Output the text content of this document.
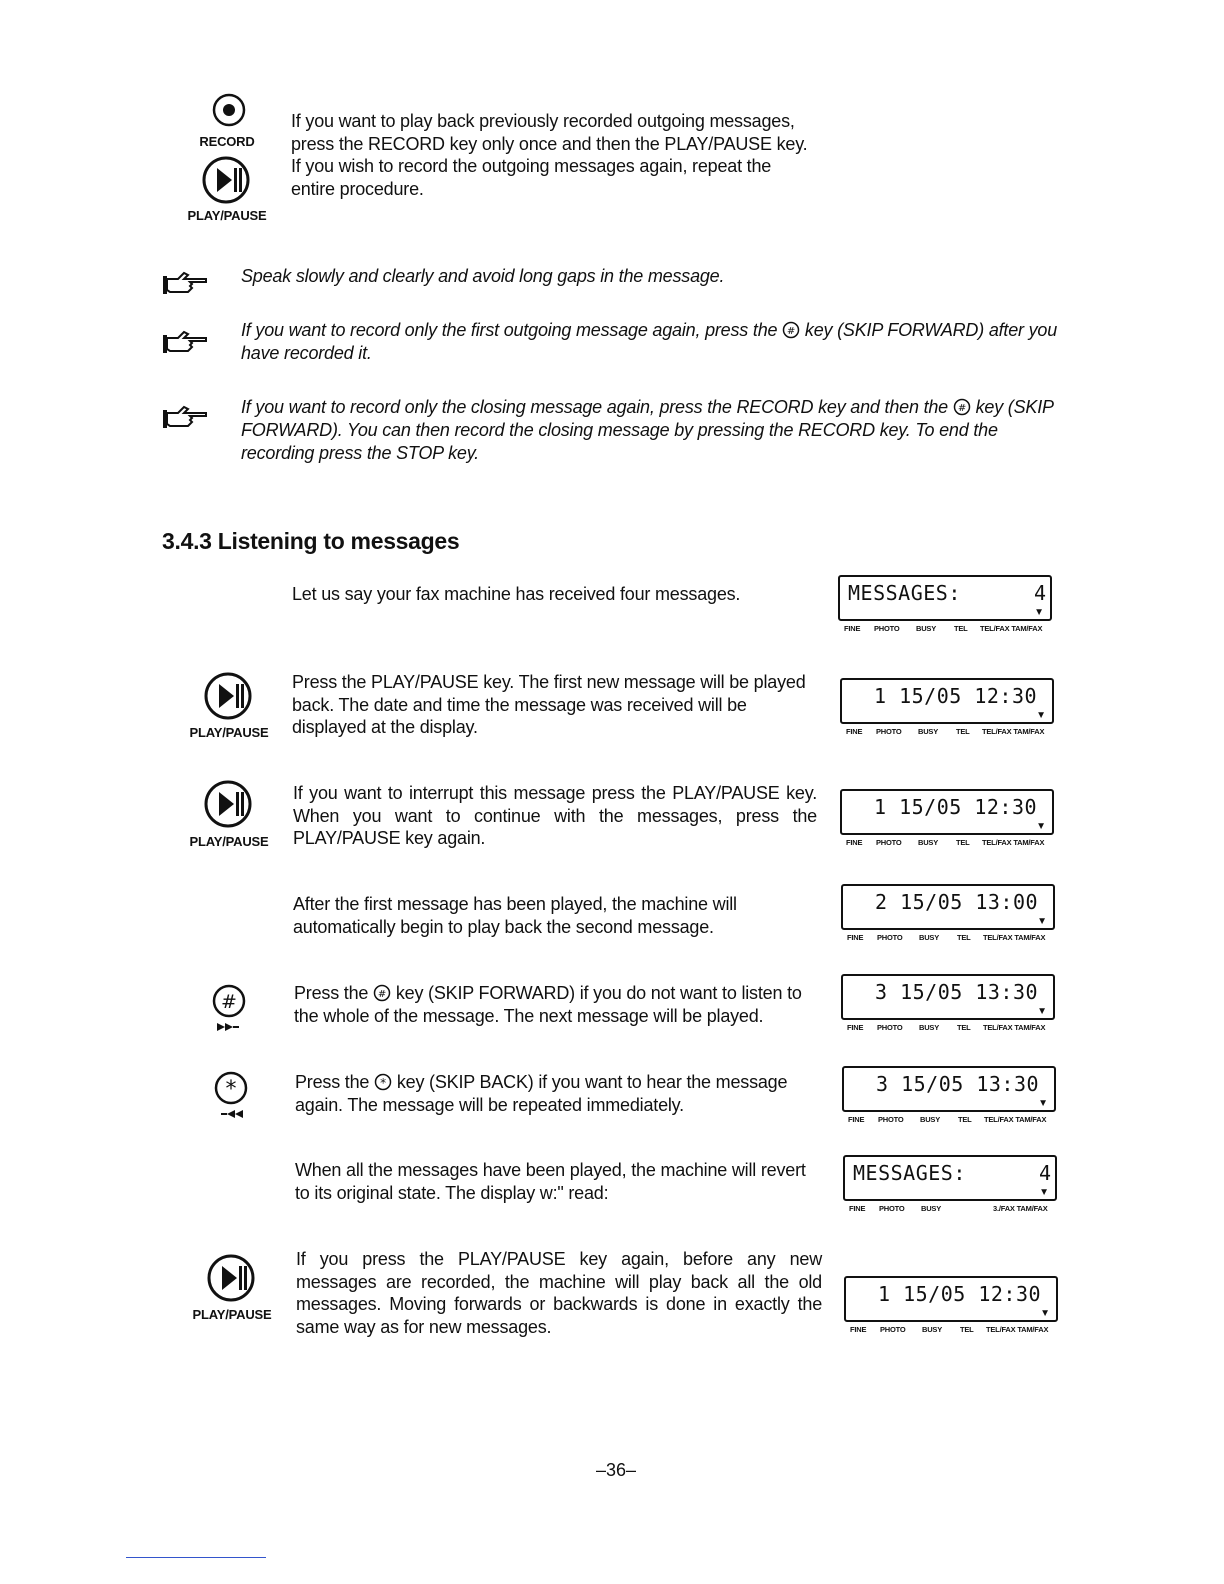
RECORD
PLAY/PAUSE
If you want to play back previously recorded outgoing messages, press the RECORD key only once and then the PLAY/PAUSE key. If you wish to record the outgoing messages again, repeat the entire procedure.
Speak slowly and clearly and avoid long gaps in the message.
If you want to record only the first outgoing message again, press the # key (SKIP FORWARD) after you have recorded it.
If you want to record only the closing message again, press the RECORD key and then the # key (SKIP FORWARD). You can then record the closing message by pressing the RECORD key. To end the recording press the STOP key.
3.4.3 Listening to messages
Let us say your fax machine has received four messages.	MESSAGES:	4
▼
FINE PHOTO BUSY TEL TEL/FAX TAM/FAX
PLAY/PAUSE
Press the PLAY/PAUSE key. The first new message will be played back. The date and time the message was received will be displayed at the display.
1 15/05 12:30
▼
FINE PHOTO BUSY TEL TEL/FAX TAM/FAX
PLAY/PAUSE
If you want to interrupt this message press the PLAY/PAUSE key. When you want to continue with the messages, press the PLAY/PAUSE key again.
1 15/05 12:30
▼
FINE PHOTO BUSY TEL TEL/FAX TAM/FAX
After the first message has been played, the machine will automatically begin to play back the second message.
2 15/05 13:00
▼
FINE PHOTO BUSY TEL TEL/FAX TAM/FAX
#	Press the # key (SKIP FORWARD) if you do not want to listen to the whole of the message. The next message will be played.
3 15/05 13:30
▼
FINE PHOTO BUSY TEL TEL/FAX TAM/FAX
*	Press the * key (SKIP BACK) if you want to hear the message again. The message will be repeated immediately.
3 15/05 13:30
▼
FINE PHOTO BUSY TEL TEL/FAX TAM/FAX
When all the messages have been played, the machine will revert to its original state. The display w:" read:
MESSAGES:	4
▼
FINE PHOTO BUSY	3./FAX TAM/FAX
PLAY/PAUSE
If you press the PLAY/PAUSE key again, before any new messages are recorded, the machine will play back all the old messages. Moving forwards or backwards is done in exactly the same way as for new messages.
1 15/05 12:30
▼
FINE PHOTO BUSY TEL TEL/FAX TAM/FAX
–36–
